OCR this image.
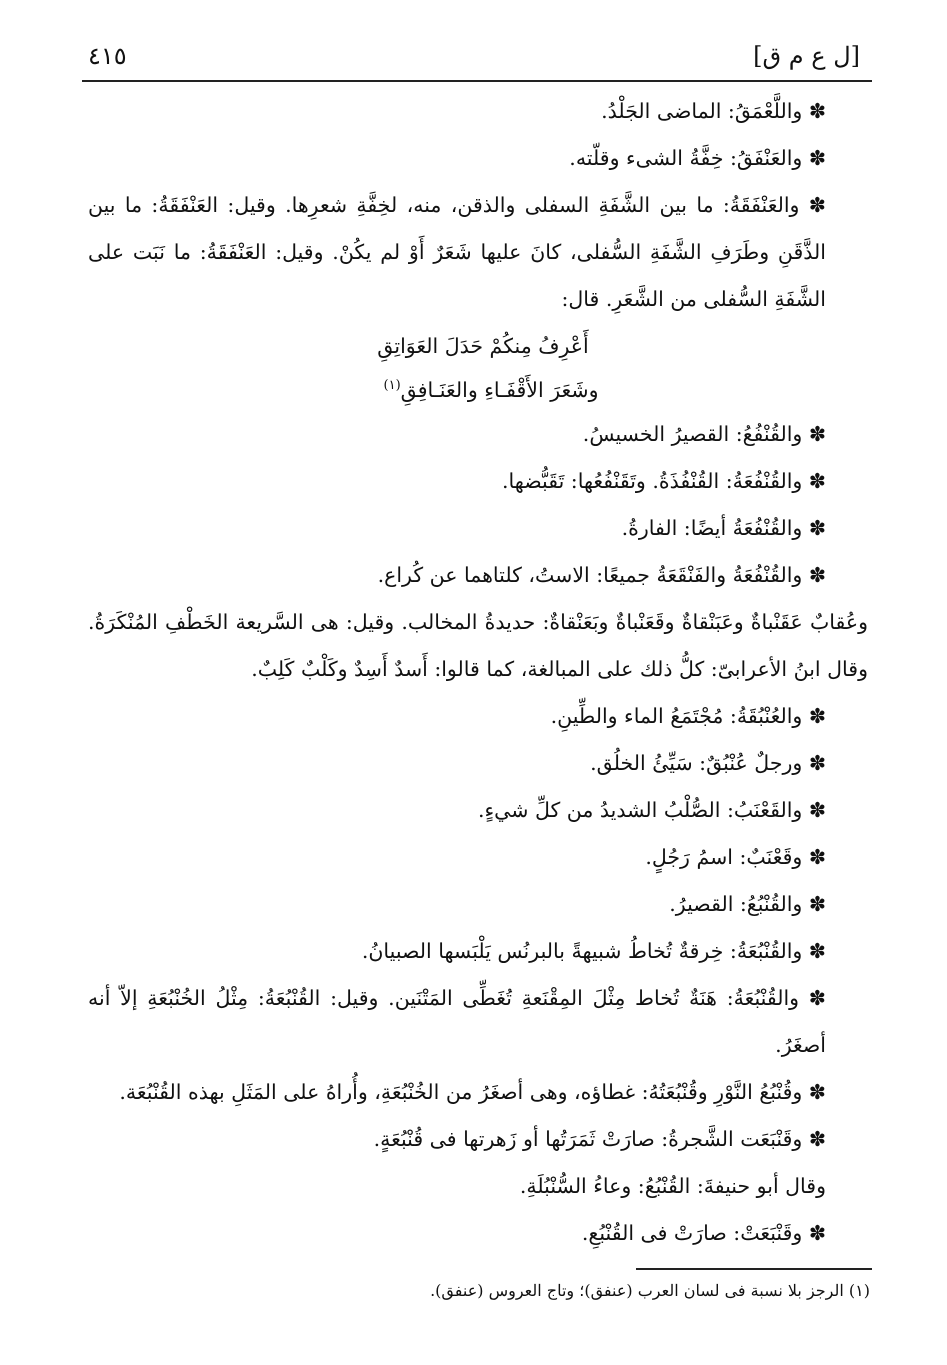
٤١٥	[ل ع م ق]

✽ واللَّعْمَقُ: الماضى الجَلْدُ.

✽ والعَنْفَقُ: خِفَّةُ الشىء وقلّته.

✽ والعَنْفَقَةُ: ما بين الشَّفَةِ السفلى والذقن، منه، لخِفَّةِ شعرِها. وقيل: العَنْفَقَةُ: ما بين الذَّقَنِ وطَرَفِ الشَّفَةِ السُّفلى، كانَ عليها شَعَرٌ أَوْ لم يكُنْ. وقيل: العَنْفَقَةُ: ما نَبَت على الشَّفَةِ السُّفلى من الشَّعَرِ. قال:

أَعْرِفُ مِنكُمْ حَدَلَ العَوَاتِقِ

وشَعَرَ الأَقْفَـاءِ والعَنَـافِقِ$^{(١)}$

✽ والقُنْفُعُ: القصيرُ الخسيسُ.

✽ والقُنْفُعَةُ: القُنْفُذَةُ. وتَقَنْفُعُها: تَقَبُّضها.

✽ والقُنْفُعَةُ أيضًا: الفارةُ.

✽ والقُنْفُعَةُ والفَنْقَعَةُ جميعًا: الاستُ، كلتاهما عن كُراع.

وعُقابٌ عَقَنْباةٌ وعَبَنْقاةٌ وقَعَنْباةٌ وبَعَنْقاةٌ: حديدةُ المخالب. وقيل: هى السَّريعة الخَطْفِ المُنْكَرَةُ. وقال ابنُ الأعرابىّ: كلُّ ذلك على المبالغة، كما قالوا: أَسدٌ أَسِدٌ وكَلْبٌ كَلِبٌ.

✽ والعُنْبُقَةُ: مُجْتَمَعُ الماء والطِّينِ.

✽ ورجلٌ عُنْبُقٌ: سَيِّئُ الخلُق.

✽ والقَعْنَبُ: الصُّلْبُ الشديدُ من كلِّ شيءٍ.

✽ وقَعْنَبٌ: اسمُ رَجُلٍ.

✽ والقُنْبُعُ: القصيرُ.

✽ والقُنْبُعَةُ: خِرقةٌ تُخاطُ شبيهةً بالبرنُس يَلْبَسها الصبيانُ.

✽ والقُنْبُعَةُ: هَنَةٌ تُخاط مِثْلَ المِقْنَعةِ تُغَطِّى المَتْنَين. وقيل: القُنْبُعَةُ: مِثْلُ الخُنْبُعَةِ إلاّ أنه أصغَرُ.

✽ وقُنْبُعُ النَّوْرِ وقُنْبُعَتُهُ: غطاؤه، وهى أصغَرُ من الخُنْبُعَةِ، وأُراهُ على المَثَلِ بهذه القُنْبُعَة.

✽ وقَنْبَعَت الشَّجرةُ: صارَتْ ثَمَرَتُها أو زَهرتها فى قُنْبُعَةٍ.

وقال أبو حنيفةَ: القُنْبُعُ: وعاءُ السُّنْبُلَةِ.

✽ وقَنْبَعَتْ: صارَتْ فى القُنْبُعِ.

(١) الرجز بلا نسبة فى لسان العرب (عنفق)؛ وتاج العروس (عنفق).
